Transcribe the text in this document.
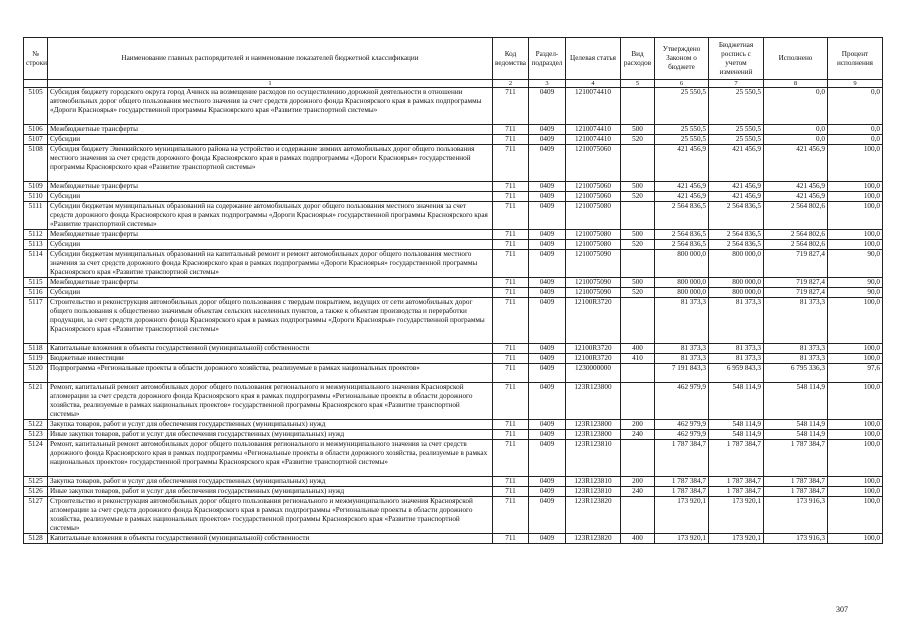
№ строки	Наименование главных распорядителей и наименование показателей бюджетной классификации	Код ведомства	Раздел-подраздел	Целевая статья	Вид расходов	Утверждено Законом о бюджете	Бюджетная роспись с учетом изменений	Исполнено	Процент исполнения
	1	2	3	4	5	6	7	8	9
5105	Субсидия бюджету городского округа город Ачинск на возмещение расходов по осуществлению дорожной деятельности в отношении автомобильных дорог общего пользования местного значения за счет средств дорожного фонда Красноярского края в рамках подпрограммы «Дороги Красноярья» государственной программы Красноярского края «Развитие транспортной системы»	711	0409	1210074410		25 550,5	25 550,5	0,0	0,0
5106	Межбюджетные трансферты	711	0409	1210074410	500	25 550,5	25 550,5	0,0	0,0
5107	Субсидии	711	0409	1210074410	520	25 550,5	25 550,5	0,0	0,0
5108	Субсидия бюджету Эвенкийского муниципального района на устройство и содержание зимних автомобильных дорог общего пользования местного значения за счет средств дорожного фонда Красноярского края в рамках подпрограммы «Дороги Красноярья» государственной программы Красноярского края «Развитие транспортной системы»	711	0409	1210075060		421 456,9	421 456,9	421 456,9	100,0
5109	Межбюджетные трансферты	711	0409	1210075060	500	421 456,9	421 456,9	421 456,9	100,0
5110	Субсидии	711	0409	1210075060	520	421 456,9	421 456,9	421 456,9	100,0
5111	Субсидии бюджетам муниципальных образований на содержание автомобильных дорог общего пользования местного значения за счет средств дорожного фонда Красноярского края в рамках подпрограммы «Дороги Красноярья» государственной программы Красноярского края «Развитие транспортной системы»	711	0409	1210075080		2 564 836,5	2 564 836,5	2 564 802,6	100,0
5112	Межбюджетные трансферты	711	0409	1210075080	500	2 564 836,5	2 564 836,5	2 564 802,6	100,0
5113	Субсидии	711	0409	1210075080	520	2 564 836,5	2 564 836,5	2 564 802,6	100,0
5114	Субсидии бюджетам муниципальных образований на капитальный ремонт и ремонт автомобильных дорог общего пользования местного значения за счет средств дорожного фонда Красноярского края в рамках подпрограммы «Дороги Красноярья» государственной программы Красноярского края «Развитие транспортной системы»	711	0409	1210075090		800 000,0	800 000,0	719 827,4	90,0
5115	Межбюджетные трансферты	711	0409	1210075090	500	800 000,0	800 000,0	719 827,4	90,0
5116	Субсидии	711	0409	1210075090	520	800 000,0	800 000,0	719 827,4	90,0
5117	Строительство и реконструкция автомобильных дорог общего пользования с твердым покрытием, ведущих от сети автомобильных дорог общего пользования к общественно значимым объектам сельских населенных пунктов, а также к объектам производства и переработки продукции, за счет средств дорожного фонда Красноярского края в рамках подпрограммы «Дороги Красноярья» государственной программы Красноярского края «Развитие транспортной системы»	711	0409	12100R3720		81 373,3	81 373,3	81 373,3	100,0
5118	Капитальные вложения в объекты государственной (муниципальной) собственности	711	0409	12100R3720	400	81 373,3	81 373,3	81 373,3	100,0
5119	Бюджетные инвестиции	711	0409	12100R3720	410	81 373,3	81 373,3	81 373,3	100,0
5120	Подпрограмма «Региональные проекты в области дорожного хозяйства, реализуемые в рамках национальных проектов»	711	0409	1230000000		7 191 843,3	6 959 843,3	6 795 336,3	97,6
5121	Ремонт, капитальный ремонт автомобильных дорог общего пользования регионального и межмуниципального значения Красноярской агломерации за счет средств дорожного фонда Красноярского края в рамках подпрограммы «Региональные проекты в области дорожного хозяйства, реализуемые в рамках национальных проектов» государственной программы Красноярского края «Развитие транспортной системы»	711	0409	123R123800		462 979,9	548 114,9	548 114,9	100,0
5122	Закупка товаров, работ и услуг для обеспечения государственных (муниципальных) нужд	711	0409	123R123800	200	462 979,9	548 114,9	548 114,9	100,0
5123	Иные закупки товаров, работ и услуг для обеспечения государственных (муниципальных) нужд	711	0409	123R123800	240	462 979,9	548 114,9	548 114,9	100,0
5124	Ремонт, капитальный ремонт автомобильных дорог общего пользования регионального и межмуниципального значения за счет средств дорожного фонда Красноярского края в рамках подпрограммы «Региональные проекты в области дорожного хозяйства, реализуемые в рамках национальных проектов» государственной программы Красноярского края «Развитие транспортной системы»	711	0409	123R123810		1 787 384,7	1 787 384,7	1 787 384,7	100,0
5125	Закупка товаров, работ и услуг для обеспечения государственных (муниципальных) нужд	711	0409	123R123810	200	1 787 384,7	1 787 384,7	1 787 384,7	100,0
5126	Иные закупки товаров, работ и услуг для обеспечения государственных (муниципальных) нужд	711	0409	123R123810	240	1 787 384,7	1 787 384,7	1 787 384,7	100,0
5127	Строительство и реконструкция автомобильных дорог общего пользования регионального и межмуниципального значения Красноярской агломерации за счет средств дорожного фонда Красноярского края в рамках подпрограммы «Региональные проекты в области дорожного хозяйства, реализуемые в рамках национальных проектов» государственной программы Красноярского края «Развитие транспортной системы»	711	0409	123R123820		173 920,1	173 920,1	173 916,3	100,0
5128	Капитальные вложения в объекты государственной (муниципальной) собственности	711	0409	123R123820	400	173 920,1	173 920,1	173 916,3	100,0
307
